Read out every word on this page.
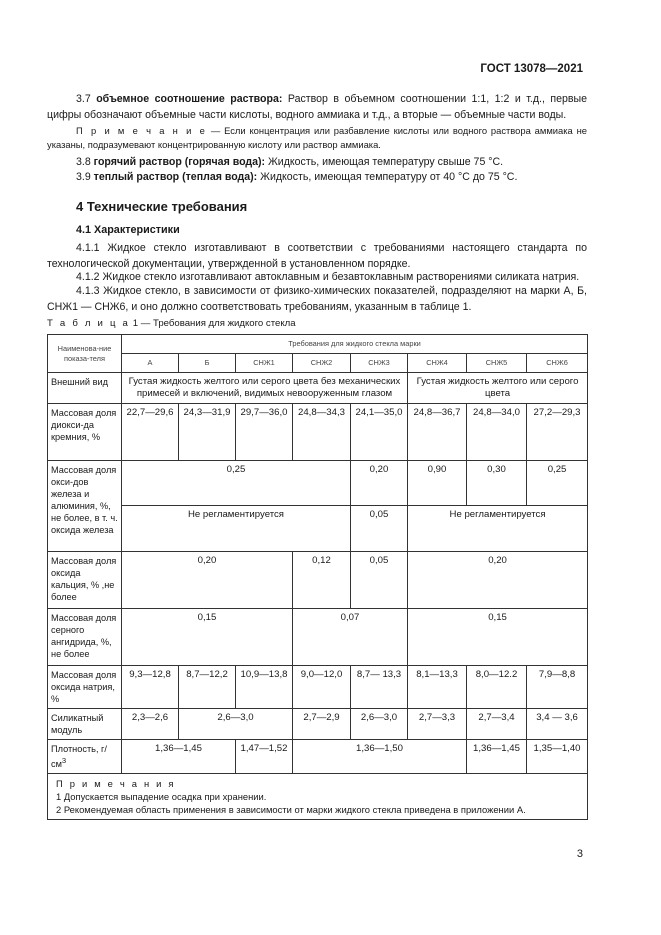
ГОСТ 13078—2021
3.7 объемное соотношение раствора: Раствор в объемном соотношении 1:1, 1:2 и т.д., первые цифры обозначают объемные части кислоты, водного аммиака и т.д., а вторые — объемные части воды.
П р и м е ч а н и е — Если концентрация или разбавление кислоты или водного раствора аммиака не указаны, подразумевают концентрированную кислоту или раствор аммиака.
3.8 горячий раствор (горячая вода): Жидкость, имеющая температуру свыше 75 °С.
3.9 теплый раствор (теплая вода): Жидкость, имеющая температуру от 40 °С до 75 °С.
4 Технические требования
4.1 Характеристики
4.1.1 Жидкое стекло изготавливают в соответствии с требованиями настоящего стандарта по технологической документации, утвержденной в установленном порядке.
4.1.2 Жидкое стекло изготавливают автоклавным и безавтоклавным растворениями силиката натрия.
4.1.3 Жидкое стекло, в зависимости от физико-химических показателей, подразделяют на марки А, Б, СНЖ1 — СНЖ6, и оно должно соответствовать требованиям, указанным в таблице 1.
Т а б л и ц а 1 — Требования для жидкого стекла
Наименова-ние показа-теля	Требования для жидкого стекла марки							
	А	Б	СНЖ1	СНЖ2	СНЖ3	СНЖ4	СНЖ5	СНЖ6
Внешний вид	Густая жидкость желтого или серого цвета без механических примесей и включений, видимых невооруженным глазом					Густая жидкость желтого или серого цвета		
Массовая доля диокси-да кремния, %	22,7—29,6	24,3—31,9	29,7—36,0	24,8—34,3	24,1—35,0	24,8—36,7	24,8—34,0	27,2—29,3
Массовая доля окси-дов железа и алюминия, %, не более, в т. ч. оксида железа	0,25				0,20	0,90	0,30	0,25
	Не регламентируется				0,05	Не регламентируется		
Массовая доля оксида кальция, % ,не более	0,20			0,12	0,05	0,20		
Массовая доля серного ангидрида, %, не более	0,15			0,07		0,15		
Массовая доля оксида натрия, %	9,3—12,8	8,7—12,2	10,9—13,8	9,0—12,0	8,7— 13,3	8,1—13,3	8,0—12.2	7,9—8,8
Силикатный модуль	2,3—2,6	2,6—3,0		2,7—2,9	2,6—3,0	2,7—3,3	2,7—3,4	3,4 — 3,6
Плотность, $г/см^3$	1,36—1,45		1,47—1,52	1,36—1,50			1,36—1,45	1,35—1,40

П р и м е ч а н и я
1 Допускается выпадение осадка при хранении.
2 Рекомендуемая область применения в зависимости от марки жидкого стекла приведена в приложении А.								
3
